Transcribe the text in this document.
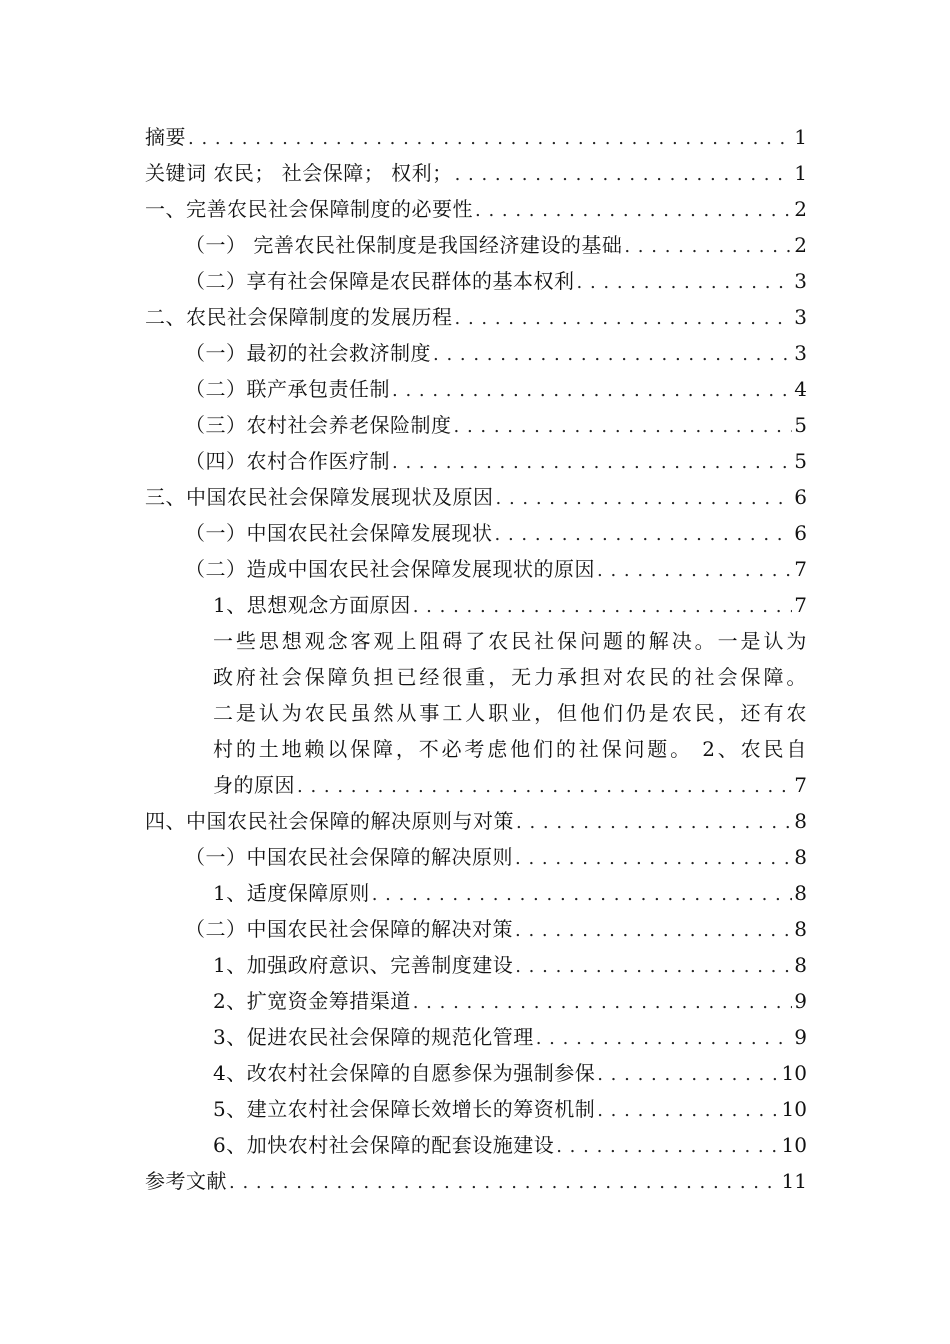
摘要 . . .	1
关键词 农民； 社会保障； 权利； . . .	1
一、完善农民社会保障制度的必要性 . . .	2
（一） 完善农民社保制度是我国经济建设的基础 . . .	2
（二）享有社会保障是农民群体的基本权利 . . .	3
二、农民社会保障制度的发展历程 . . .	3
（一）最初的社会救济制度 . . .	3
（二）联产承包责任制 . . .	4
（三）农村社会养老保险制度 . . .	5
（四）农村合作医疗制 . . .	5
三、中国农民社会保障发展现状及原因 . . .	6
（一）中国农民社会保障发展现状 . . .	6
（二）造成中国农民社会保障发展现状的原因 . . .	7
1、思想观念方面原因 . . .	7
一些思想观念客观上阻碍了农民社保问题的解决。一是认为
政府社会保障负担已经很重，无力承担对农民的社会保障。
二是认为农民虽然从事工人职业，但他们仍是农民，还有农
村的土地赖以保障，不必考虑他们的社保问题。 2、农民自
身的原因 . . .	7
四、中国农民社会保障的解决原则与对策 . . .	8
（一）中国农民社会保障的解决原则 . . .	8
1、适度保障原则 . . .	8
（二）中国农民社会保障的解决对策 . . .	8
1、加强政府意识、完善制度建设 . . .	8
2、扩宽资金筹措渠道 . . .	9
3、促进农民社会保障的规范化管理 . . .	9
4、改农村社会保障的自愿参保为强制参保 . . .	10
5、建立农村社会保障长效增长的筹资机制 . . .	10
6、加快农村社会保障的配套设施建设 . . .	10
参考文献 . . .	11
